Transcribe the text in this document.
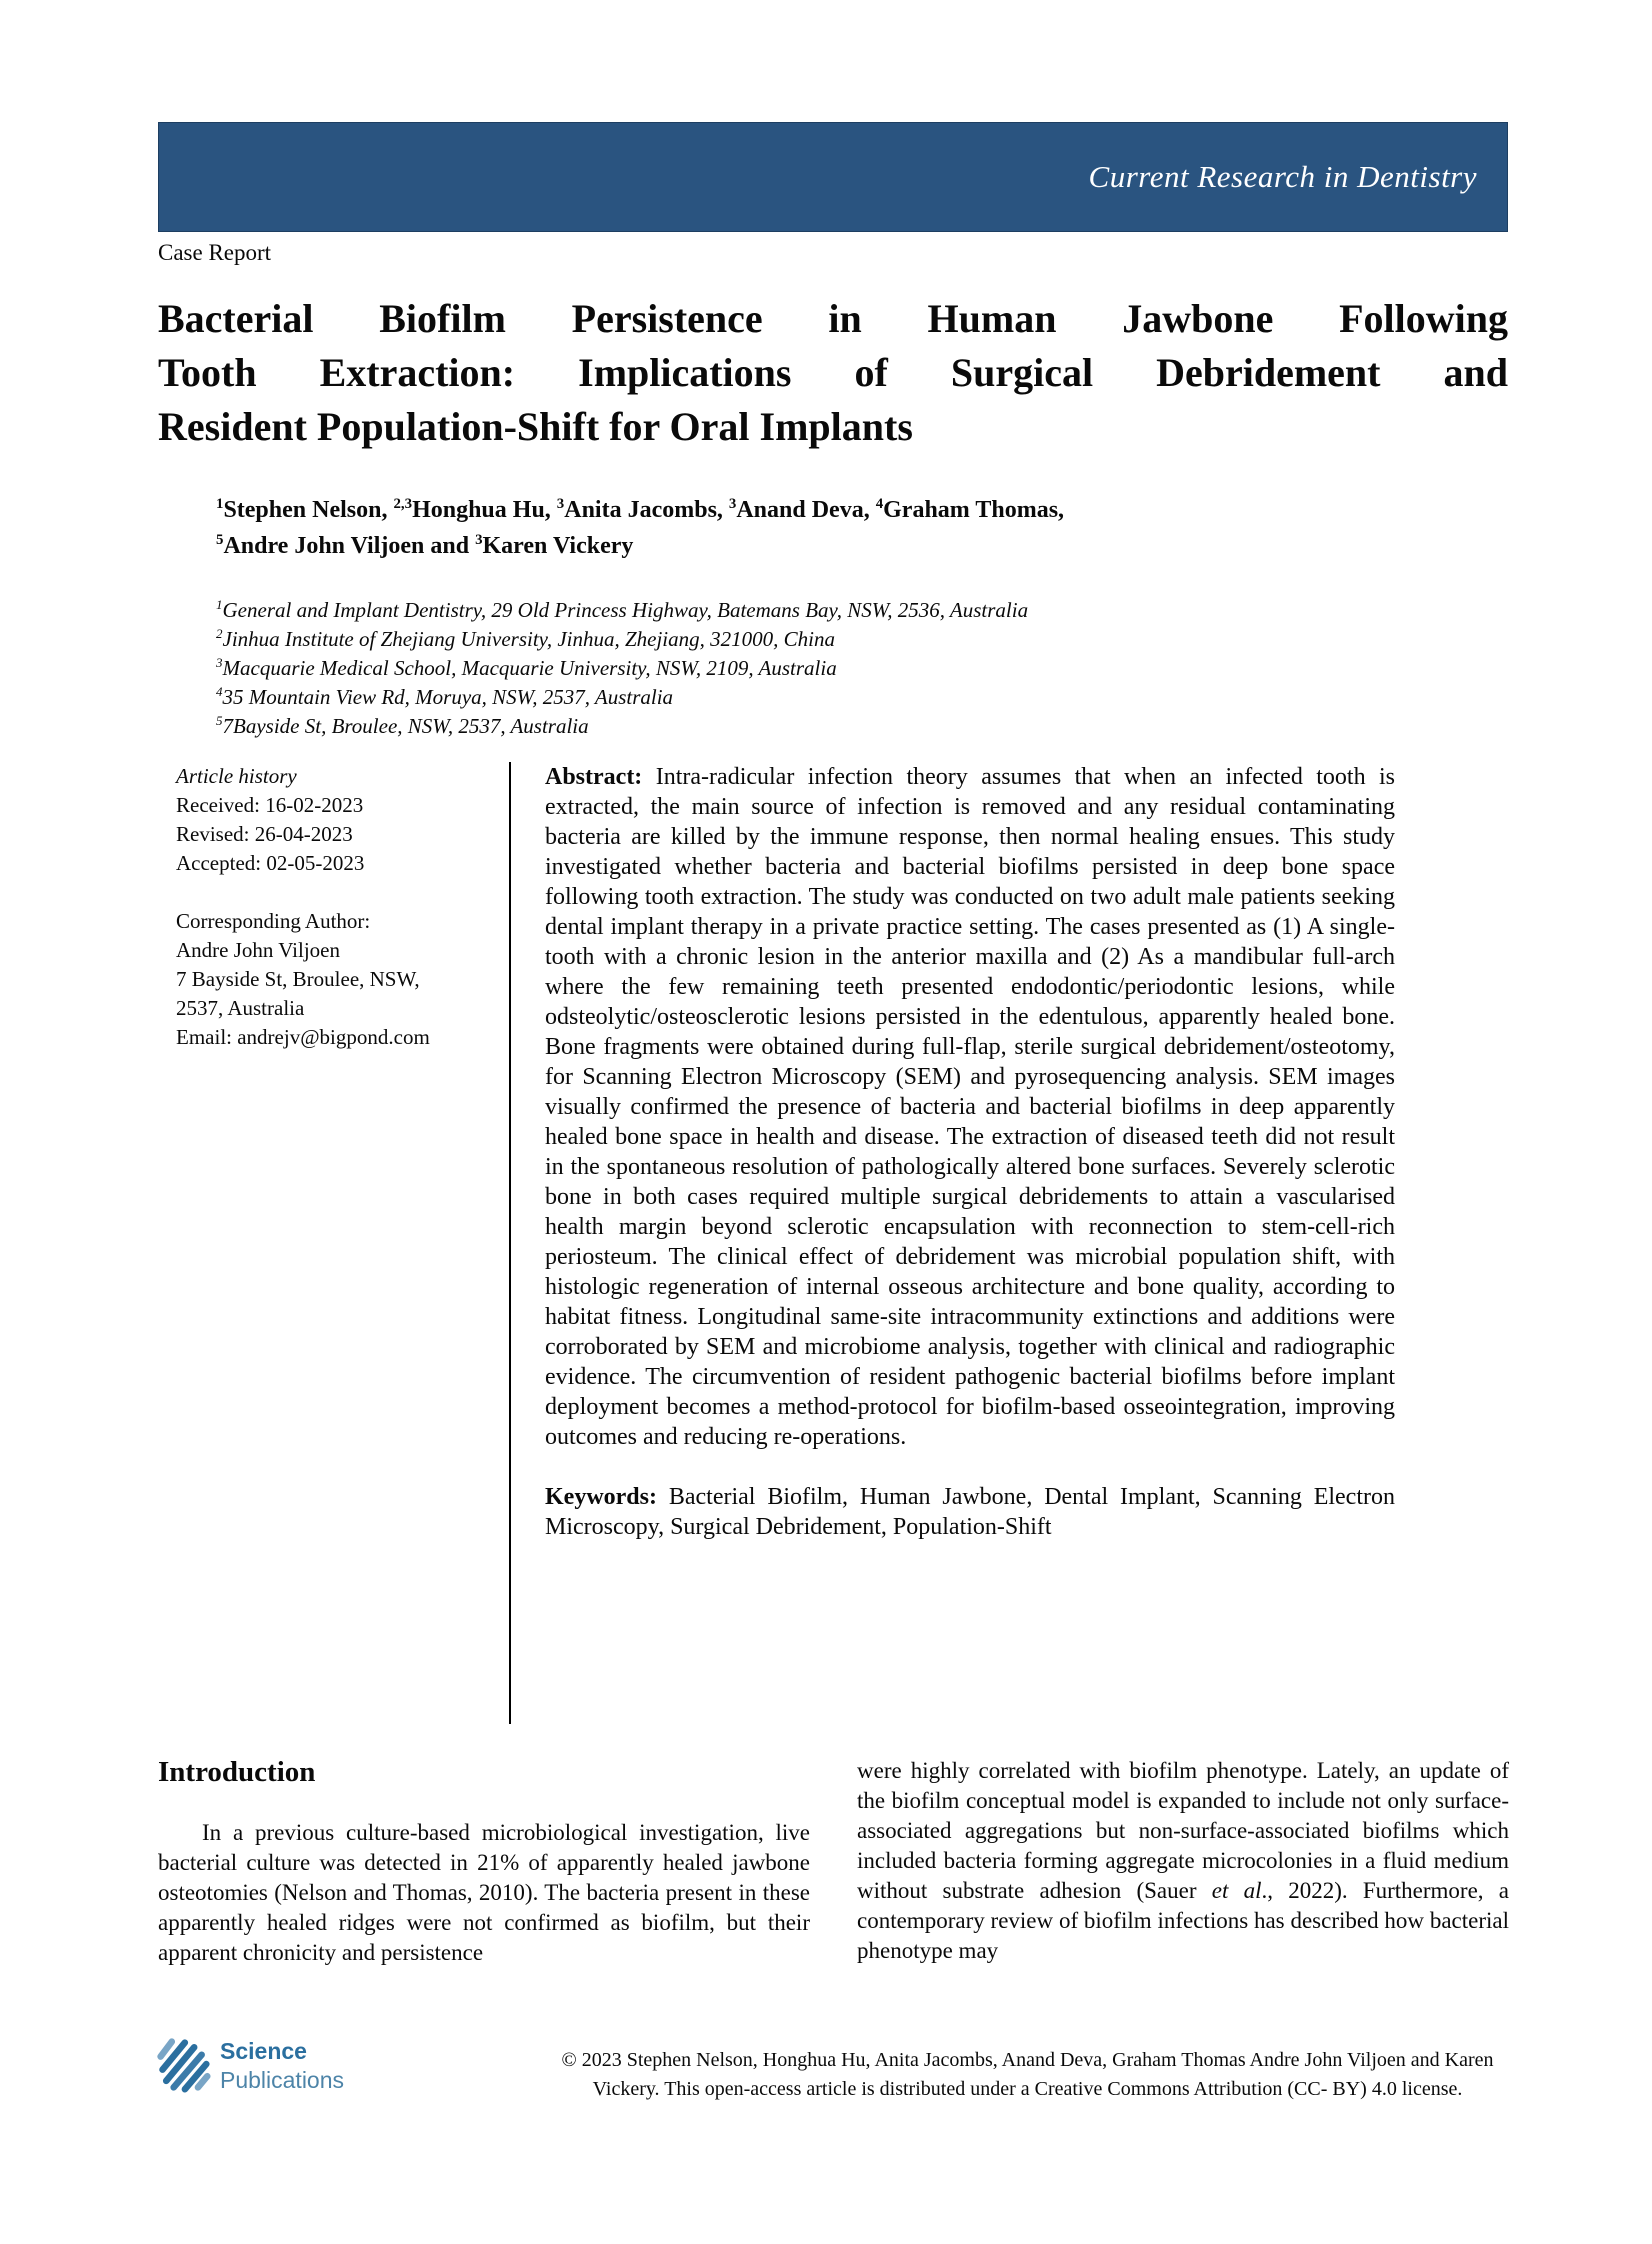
Current Research in Dentistry
Case Report
Bacterial Biofilm Persistence in Human Jawbone Following
Tooth Extraction: Implications of Surgical Debridement and
Resident Population-Shift for Oral Implants
$^1$Stephen Nelson, $^{2,3}$Honghua Hu, $^3$Anita Jacombs, $^3$Anand Deva, $^4$Graham Thomas,
$^5$Andre John Viljoen and $^3$Karen Vickery
$^1$General and Implant Dentistry, 29 Old Princess Highway, Batemans Bay, NSW, 2536, Australia
$^2$Jinhua Institute of Zhejiang University, Jinhua, Zhejiang, 321000, China
$^3$Macquarie Medical School, Macquarie University, NSW, 2109, Australia
$^4$35 Mountain View Rd, Moruya, NSW, 2537, Australia
$^5$7Bayside St, Broulee, NSW, 2537, Australia
Article history
Received: 16-02-2023
Revised: 26-04-2023
Accepted: 02-05-2023
Corresponding Author:
Andre John Viljoen
7 Bayside St, Broulee, NSW,
2537, Australia
Email: andrejv@bigpond.com

Abstract: Intra-radicular infection theory assumes that when an infected tooth is extracted, the main source of infection is removed and any residual contaminating bacteria are killed by the immune response, then normal healing ensues. This study investigated whether bacteria and bacterial biofilms persisted in deep bone space following tooth extraction. The study was conducted on two adult male patients seeking dental implant therapy in a private practice setting. The cases presented as (1) A single-tooth with a chronic lesion in the anterior maxilla and (2) As a mandibular full-arch where the few remaining teeth presented endodontic/periodontic lesions, while odsteolytic/osteosclerotic lesions persisted in the edentulous, apparently healed bone. Bone fragments were obtained during full-flap, sterile surgical debridement/osteotomy, for Scanning Electron Microscopy (SEM) and pyrosequencing analysis. SEM images visually confirmed the presence of bacteria and bacterial biofilms in deep apparently healed bone space in health and disease. The extraction of diseased teeth did not result in the spontaneous resolution of pathologically altered bone surfaces. Severely sclerotic bone in both cases required multiple surgical debridements to attain a vascularised health margin beyond sclerotic encapsulation with reconnection to stem-cell-rich periosteum. The clinical effect of debridement was microbial population shift, with histologic regeneration of internal osseous architecture and bone quality, according to habitat fitness. Longitudinal same-site intracommunity extinctions and additions were corroborated by SEM and microbiome analysis, together with clinical and radiographic evidence. The circumvention of resident pathogenic bacterial biofilms before implant deployment becomes a method-protocol for biofilm-based osseointegration, improving outcomes and reducing re-operations.

Keywords: Bacterial Biofilm, Human Jawbone, Dental Implant, Scanning Electron Microscopy, Surgical Debridement, Population-Shift

Introduction

In a previous culture-based microbiological investigation, live bacterial culture was detected in 21% of apparently healed jawbone osteotomies (Nelson and Thomas, 2010). The bacteria present in these apparently healed ridges were not confirmed as biofilm, but their apparent chronicity and persistence

were highly correlated with biofilm phenotype. Lately, an update of the biofilm conceptual model is expanded to include not only surface-associated aggregations but non-surface-associated biofilms which included bacteria forming aggregate microcolonies in a fluid medium without substrate adhesion (Sauer et al., 2022). Furthermore, a contemporary review of biofilm infections has described how bacterial phenotype may

Science
Publications
© 2023 Stephen Nelson, Honghua Hu, Anita Jacombs, Anand Deva, Graham Thomas Andre John Viljoen and Karen
Vickery. This open-access article is distributed under a Creative Commons Attribution (CC- BY) 4.0 license.
